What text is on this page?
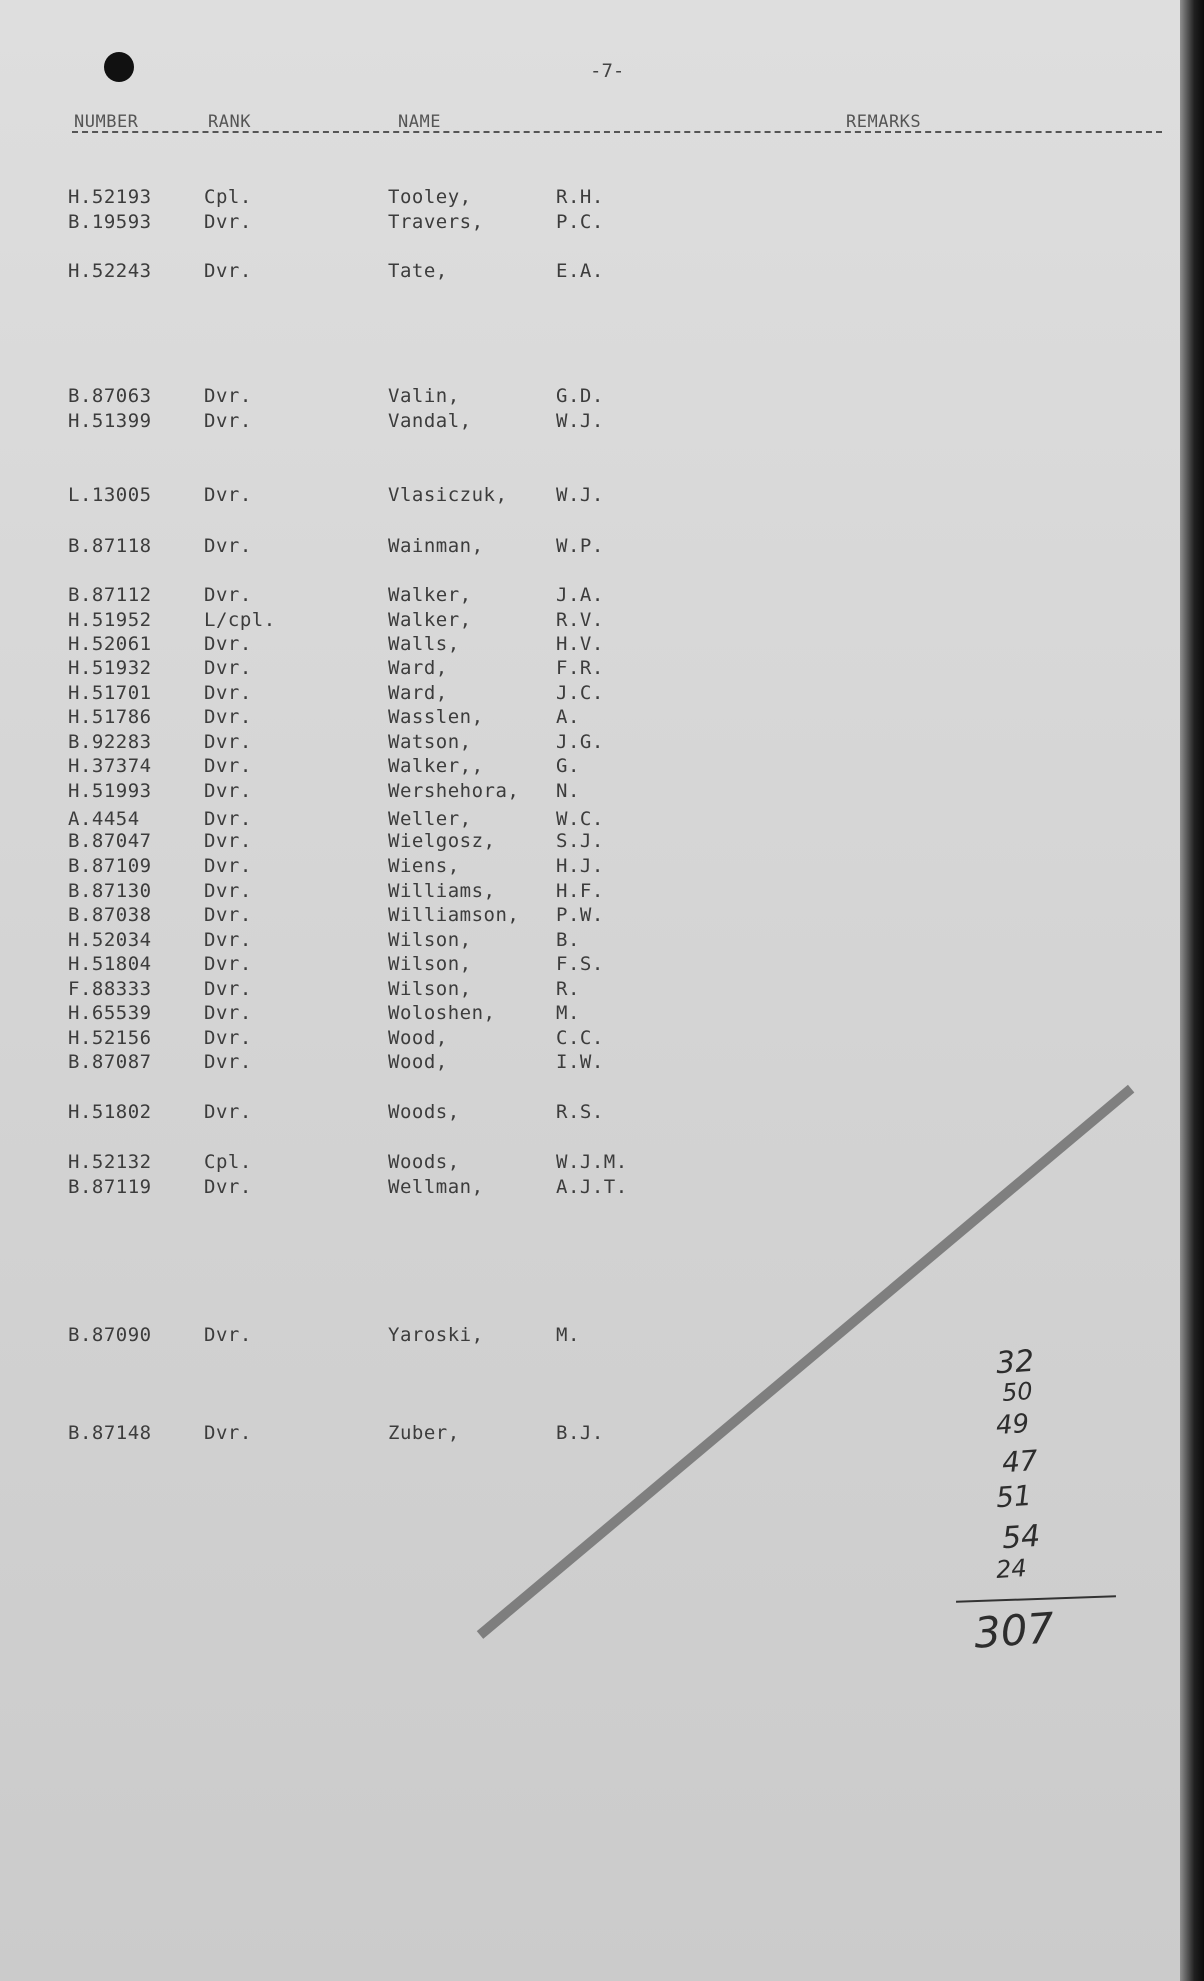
-7-
NUMBER	RANK	NAME	REMARKS
H.52193	Cpl.	Tooley,	R.H.
B.19593	Dvr.	Travers,	P.C.
H.52243	Dvr.	Tate,	E.A.
B.87063	Dvr.	Valin,	G.D.
H.51399	Dvr.	Vandal,	W.J.
L.13005	Dvr.	Vlasiczuk,	W.J.
B.87118	Dvr.	Wainman,	W.P.
B.87112	Dvr.	Walker,	J.A.
H.51952	L/cpl.	Walker,	R.V.
H.52061	Dvr.	Walls,	H.V.
H.51932	Dvr.	Ward,	F.R.
H.51701	Dvr.	Ward,	J.C.
H.51786	Dvr.	Wasslen,	A.
B.92283	Dvr.	Watson,	J.G.
H.37374	Dvr.	Walker,,	G.
H.51993	Dvr.	Wershehora, N.
A.4454	Dvr.	Weller,	W.C.
B.87047	Dvr.	Wielgosz,	S.J.
B.87109	Dvr.	Wiens,	H.J.
B.87130	Dvr.	Williams,	H.F.
B.87038	Dvr.	Williamson, P.W.
H.52034	Dvr.	Wilson,	B.
H.51804	Dvr.	Wilson,	F.S.
F.88333	Dvr.	Wilson,	R.
H.65539	Dvr.	Woloshen,	M.
H.52156	Dvr.	Wood,	C.C.
B.87087	Dvr.	Wood,	I.W.
H.51802	Dvr.	Woods,	R.S.
H.52132	Cpl.	Woods,	W.J.M.
B.87119	Dvr.	Wellman,	A.J.T.
B.87090	Dvr.	Yaroski,	M.
B.87148	Dvr.	Zuber,	B.J.
32
50
49
47
51
54
24
307
